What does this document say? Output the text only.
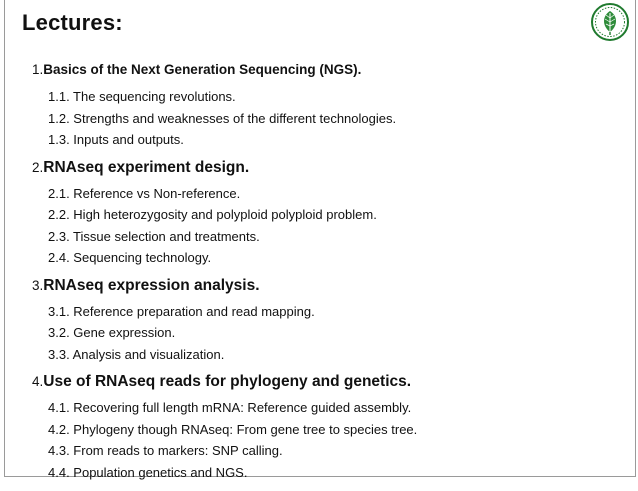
Lectures:
1. Basics of the Next Generation Sequencing (NGS).
1.1. The sequencing revolutions.
1.2. Strengths and weaknesses of the different technologies.
1.3. Inputs and outputs.
2. RNAseq experiment design.
2.1. Reference vs Non-reference.
2.2. High heterozygosity and polyploid polyploid problem.
2.3. Tissue selection and treatments.
2.4. Sequencing technology.
3. RNAseq expression analysis.
3.1. Reference preparation and read mapping.
3.2. Gene expression.
3.3. Analysis and visualization.
4. Use of RNAseq reads for phylogeny and genetics.
4.1. Recovering full length mRNA: Reference guided assembly.
4.2. Phylogeny though RNAseq: From gene tree to species tree.
4.3. From reads to markers: SNP calling.
4.4. Population genetics and NGS.
